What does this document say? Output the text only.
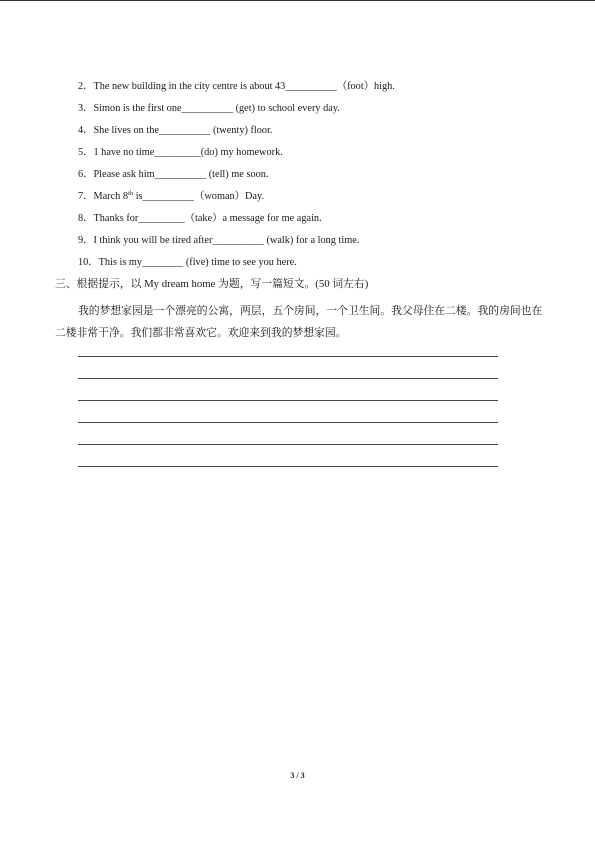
2．The new building in the city centre is about 43__________（foot）high.
3．Simon is the first one__________ (get) to school every day.
4．She lives on the__________ (twenty) floor.
5．1 have no time_________(do) my homework.
6．Please ask him__________ (tell) me soon.
7．March 8th is__________（woman）Day.
8．Thanks for_________（take）a message for me again.
9．I think you will be tired after__________ (walk) for a long time.
10．This is my________ (five) time to see you here.
三、根据提示，以 My dream home 为题，写一篇短文。(50 词左右)
我的梦想家园是一个漂亮的公寓，两层，五个房间，一个卫生间。我父母住在二楼。我的房间也在二楼非常干净。我们都非常喜欢它。欢迎来到我的梦想家园。
3 / 3
